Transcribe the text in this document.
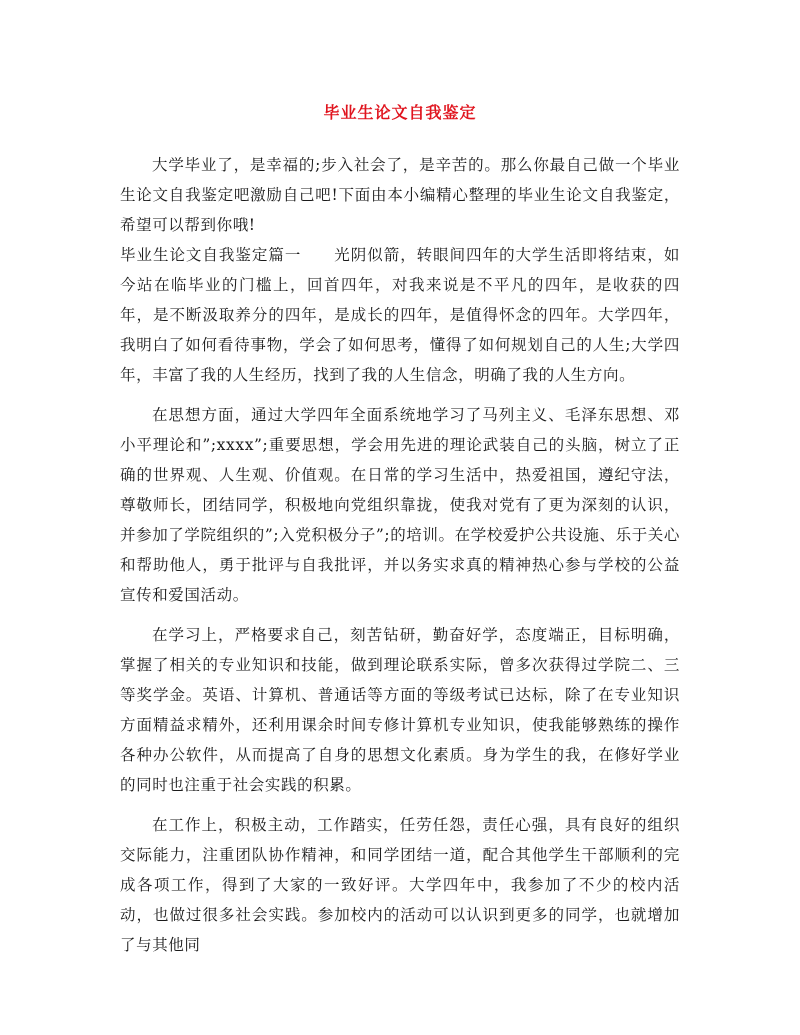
毕业生论文自我鉴定

大学毕业了，是幸福的;步入社会了，是辛苦的。那么你最自己做一个毕业生论文自我鉴定吧激励自己吧!下面由本小编精心整理的毕业生论文自我鉴定，希望可以帮到你哦!

毕业生论文自我鉴定篇一　　光阴似箭，转眼间四年的大学生活即将结束，如今站在临毕业的门槛上，回首四年，对我来说是不平凡的四年，是收获的四年，是不断汲取养分的四年，是成长的四年，是值得怀念的四年。大学四年，我明白了如何看待事物，学会了如何思考，懂得了如何规划自己的人生;大学四年，丰富了我的人生经历，找到了我的人生信念，明确了我的人生方向。

在思想方面，通过大学四年全面系统地学习了马列主义、毛泽东思想、邓小平理论和”;xxxx”;重要思想，学会用先进的理论武装自己的头脑，树立了正确的世界观、人生观、价值观。在日常的学习生活中，热爱祖国，遵纪守法，尊敬师长，团结同学，积极地向党组织靠拢，使我对党有了更为深刻的认识，并参加了学院组织的”;入党积极分子”;的培训。在学校爱护公共设施、乐于关心和帮助他人，勇于批评与自我批评，并以务实求真的精神热心参与学校的公益宣传和爱国活动。

在学习上，严格要求自己，刻苦钻研，勤奋好学，态度端正，目标明确，掌握了相关的专业知识和技能，做到理论联系实际，曾多次获得过学院二、三等奖学金。英语、计算机、普通话等方面的等级考试已达标，除了在专业知识方面精益求精外，还利用课余时间专修计算机专业知识，使我能够熟练的操作各种办公软件，从而提高了自身的思想文化素质。身为学生的我，在修好学业的同时也注重于社会实践的积累。

在工作上，积极主动，工作踏实，任劳任怨，责任心强，具有良好的组织交际能力，注重团队协作精神，和同学团结一道，配合其他学生干部顺利的完成各项工作，得到了大家的一致好评。大学四年中，我参加了不少的校内活动，也做过很多社会实践。参加校内的活动可以认识到更多的同学，也就增加了与其他同
